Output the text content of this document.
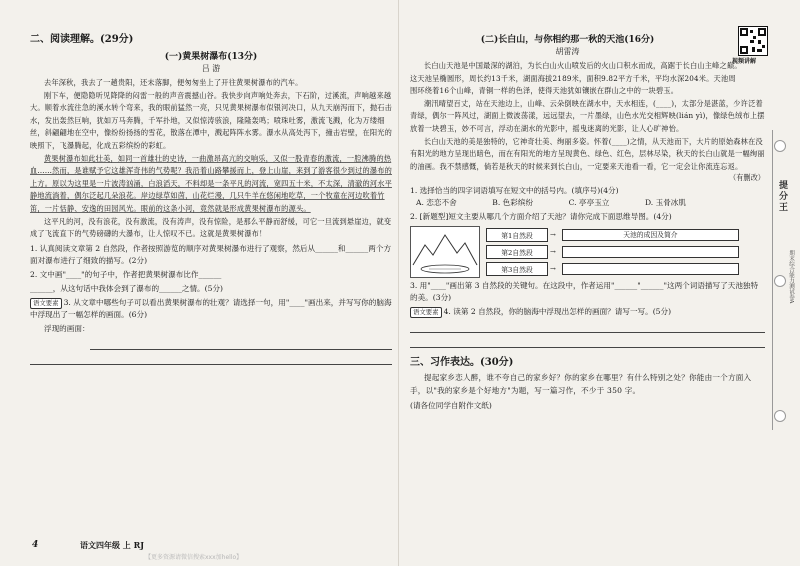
二、阅读理解。(29分)
(一)黄果树瀑布(13分)
吕 游

去年深秋，我去了一趟贵阳，还未落脚，便匆匆坐上了开往黄果树瀑布的汽车。

刚下车，便隐隐听见降降的闷雷一般的声音震撼山谷。我快步向声响处奔去，下石阶，过溪流，声响越来越大。顺着水流往急的溪水转个弯来，我的眼前猛然一亮，只见黄果树瀑布似银河决口，从九天崩泻而下，抛石击水，发出轰然巨响，犹如万马奔腾，千军扑地，又似惊涛骇浪，隆隆轰鸣；喷珠吐雾，激流飞溅，化为万缕细丝，斜翩翩地在空中，像纷纷扬扬的雪花，散落在潭中，溅起阵阵水雾。瀑水从高处泻下，撞击岩壁，在阳光的映照下，飞瀑腾起，化成五彩缤纷的彩虹。

黄果树瀑布如此壮美，如同一首雄壮的史诗，一曲激昂高亢的交响乐，又似一股青春的激流，一腔沸腾的热血……然而，是谁赋予它这雄浑奇伟的气势呢？我沿着山路攀援而上，登上山崖，来到了游客很少到过的瀑布的上方。原以为这里是一片波涛汹涌，白浪滔天，不料却是一条平凡的河流，宽四五十米，不太深，清澈的河水平静地流淌着，偶尔泛起几朵浪花。岸边绿草如茵，山花烂漫，几只牛羊在悠闲地吃草，一个牧童在河边吹着竹笛，一片恬静、安逸的田园风光。眼前的这条小河，竟然就是形成黄果树瀑布的源头。

这平凡的河，没有浪花，没有激流，没有涛声，没有惊险，是那么平静而舒缓，可它一旦流到悬崖边，就变成了飞流直下的气势磅礴的大瀑布，让人惊叹不已。这就是黄果树瀑布！

1. 认真阅读文章第 2 自然段，作者按照游览的顺序对黄果树瀑布进行了观察，然后从______和______两个方面对瀑布进行了细致的描写。(2分)

2. 文中画"____"的句子中，作者把黄果树瀑布比作______

______，从这句话中我体会到了瀑布的______之情。(5分)

语文要素 3. 从文章中哪些句子可以看出黄果树瀑布的壮观？请选择一句，用"____"画出来，并写写你的脑海中浮现出了一幅怎样的画面。(6分)

浮现的画面：

4	语文四年级 上 RJ
【更多资源请微信搜索xxx加hello】
(二)长白山，与你相约那一秋的天池(16分)
胡雷涛

长白山天池是中国最深的湖泊，为长白山火山喷发后的火山口积水而成，高踞于长白山主峰之巅。这天池呈椭圆形，周长约13千米，湖面海拔2189米，面积9.82平方千米，平均水深204米。天池周围环绕着16个山峰，青铜一样的色泽，使得天池犹如镶嵌在群山之中的一块碧玉。

潮汛晴望百丈，站在天池边上，山峰、云朵倒映在湖水中，天水相连，(____)，太部分是湛蓝，少许泛着青绿，偶尔一阵风过，湖面上微波荡漾，远远望去，一片墨绿，山色水光交相辉映(lián yì)，像绿色绒布上摆放着一块碧玉，妙不可言，浮动在湖水的光影中，摇曳迷离的光影，让人心旷神怡。

长白山天池的美是独特的，它神奇壮美、绚丽多姿。怀着(____)之情，从天池而下，大片的原始森林在没有阳光的地方呈现出暗色，而在有阳光的地方呈现黄色、绿色、红色，层林尽染，秋天的长白山就是一幅绚丽的油画。我不禁感慨，倘若是秋天的时候来到长白山，一定要来天池看一看，它一定会让你流连忘返。

（有删改）

1. 选择恰当的四字词语填写在短文中的括号内。(填序号)(4分)

A. 恋恋不舍	B. 色彩缤纷	C. 亭亭玉立	D. 玉骨冰肌

2. [新题型]短文主要从哪几个方面介绍了天池？请你完成下面思维导图。(4分)

第1自然段	→	天池的成因及简介
第2自然段	→
第3自然段	→

3. 用"____"画出第 3 自然段的关键句。在这段中，作者运用"______"______"这两个词语描写了天池独特的美。(3分)

语文要素 4. 读第 2 自然段，你的脑海中浮现出怎样的画面？请写一写。(5分)

三、习作表达。(30分)

提起家乡恋人醉，谁不夸自己的家乡好？你的家乡在哪里？有什么特别之处？你能由一个方面入手，以"我的家乡是个好地方"为题，写一篇习作，不少于 350 字。

(请各位同学自附作文纸)

视频讲解
提分王
期末综合能力测试卷A
